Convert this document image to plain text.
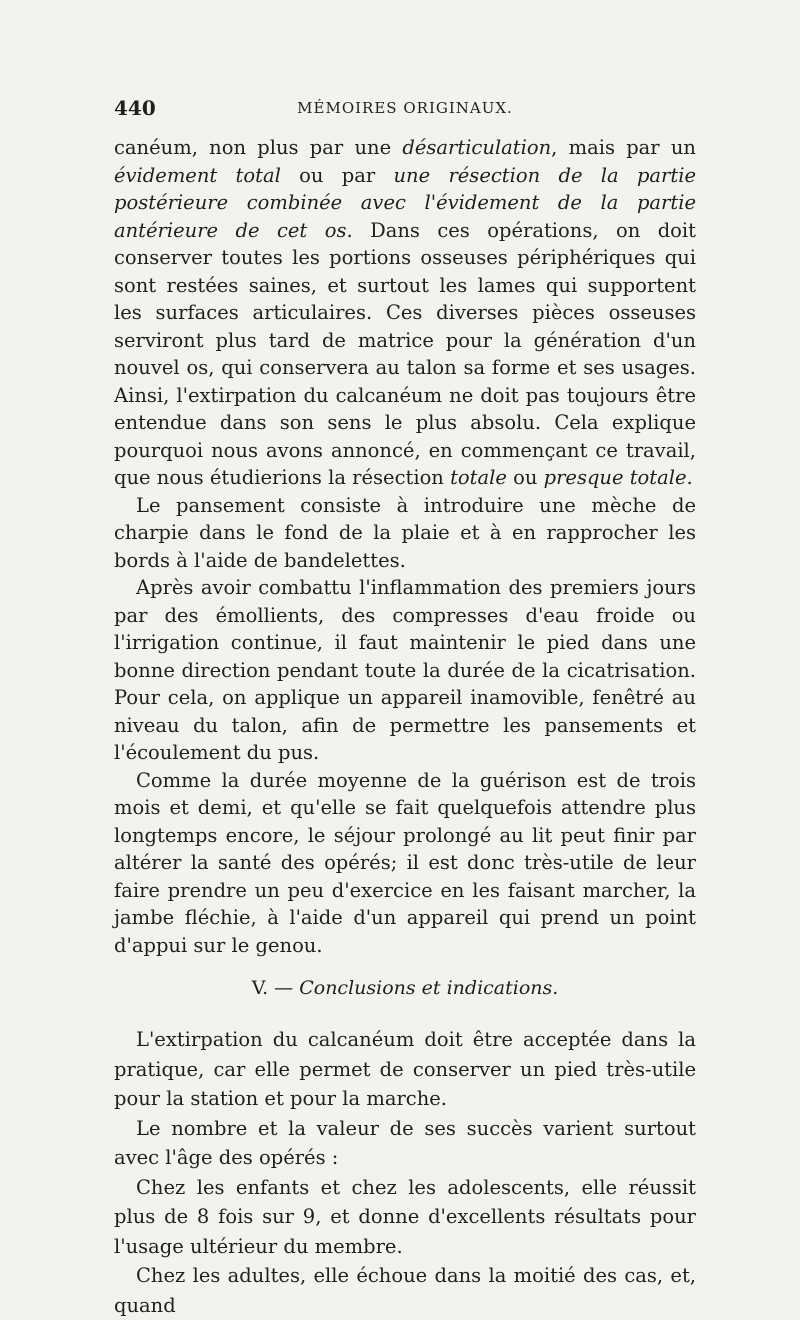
440	MÉMOIRES ORIGINAUX.

canéum, non plus par une désarticulation, mais par un évidement total ou par une résection de la partie postérieure combinée avec l'évidement de la partie antérieure de cet os. Dans ces opérations, on doit conserver toutes les portions osseuses périphériques qui sont restées saines, et surtout les lames qui supportent les surfaces articulaires. Ces diverses pièces osseuses serviront plus tard de matrice pour la génération d'un nouvel os, qui conservera au talon sa forme et ses usages. Ainsi, l'extirpation du calcanéum ne doit pas toujours être entendue dans son sens le plus absolu. Cela explique pourquoi nous avons annoncé, en commençant ce travail, que nous étudierions la résection totale ou presque totale.

Le pansement consiste à introduire une mèche de charpie dans le fond de la plaie et à en rapprocher les bords à l'aide de bandelettes.

Après avoir combattu l'inflammation des premiers jours par des émollients, des compresses d'eau froide ou l'irrigation continue, il faut maintenir le pied dans une bonne direction pendant toute la durée de la cicatrisation. Pour cela, on applique un appareil inamovible, fenêtré au niveau du talon, afin de permettre les pansements et l'écoulement du pus.

Comme la durée moyenne de la guérison est de trois mois et demi, et qu'elle se fait quelquefois attendre plus longtemps encore, le séjour prolongé au lit peut finir par altérer la santé des opérés; il est donc très-utile de leur faire prendre un peu d'exercice en les faisant marcher, la jambe fléchie, à l'aide d'un appareil qui prend un point d'appui sur le genou.

V. — Conclusions et indications.

L'extirpation du calcanéum doit être acceptée dans la pratique, car elle permet de conserver un pied très-utile pour la station et pour la marche.

Le nombre et la valeur de ses succès varient surtout avec l'âge des opérés :

Chez les enfants et chez les adolescents, elle réussit plus de 8 fois sur 9, et donne d'excellents résultats pour l'usage ultérieur du membre.

Chez les adultes, elle échoue dans la moitié des cas, et, quand
